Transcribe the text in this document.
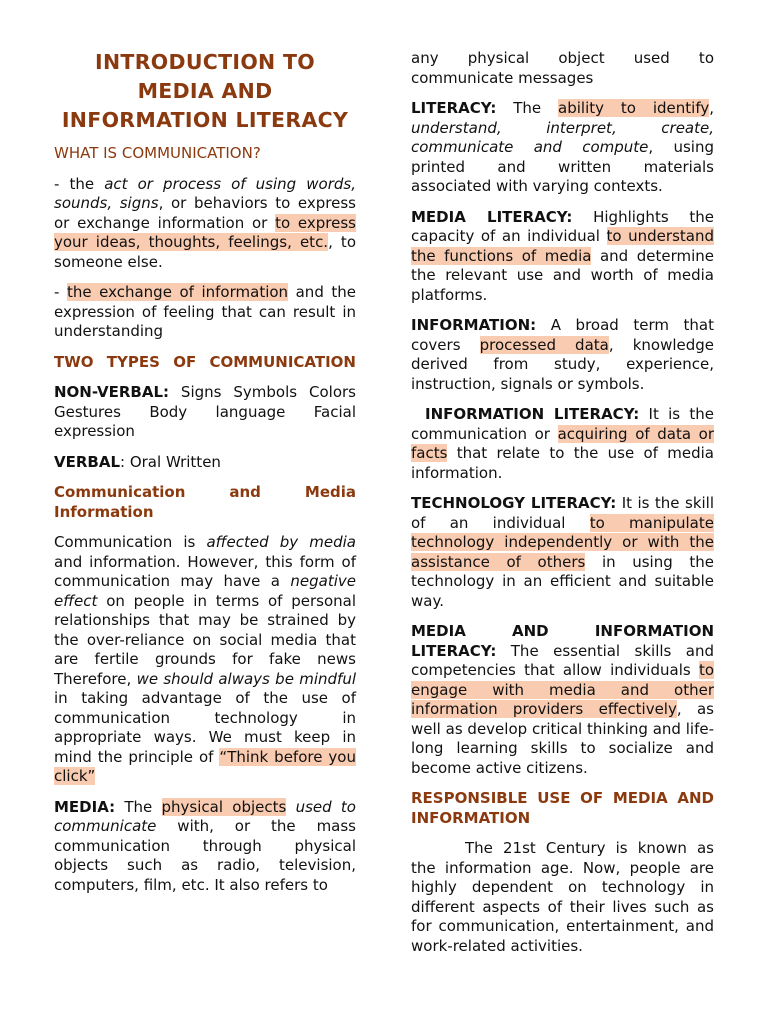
INTRODUCTION TO MEDIA AND INFORMATION LITERACY

WHAT IS COMMUNICATION?

- the act or process of using words, sounds, signs, or behaviors to express or exchange information or to express your ideas, thoughts, feelings, etc., to someone else.

- the exchange of information and the expression of feeling that can result in understanding

TWO TYPES OF COMMUNICATION

NON-VERBAL: Signs Symbols Colors Gestures Body language Facial expression

VERBAL: Oral Written

Communication and Media Information

Communication is affected by media and information. However, this form of communication may have a negative effect on people in terms of personal relationships that may be strained by the over-reliance on social media that are fertile grounds for fake news Therefore, we should always be mindful in taking advantage of the use of communication technology in appropriate ways. We must keep in mind the principle of “Think before you click”

MEDIA: The physical objects used to communicate with, or the mass communication through physical objects such as radio, television, computers, film, etc. It also refers to

any physical object used to communicate messages

LITERACY: The ability to identify, understand, interpret, create, communicate and compute, using printed and written materials associated with varying contexts.

MEDIA LITERACY: Highlights the capacity of an individual to understand the functions of media and determine the relevant use and worth of media platforms.

INFORMATION: A broad term that covers processed data, knowledge derived from study, experience, instruction, signals or symbols.

INFORMATION LITERACY: It is the communication or acquiring of data or facts that relate to the use of media information.

TECHNOLOGY LITERACY: It is the skill of an individual to manipulate technology independently or with the assistance of others in using the technology in an efficient and suitable way.

MEDIA AND INFORMATION LITERACY: The essential skills and competencies that allow individuals to engage with media and other information providers effectively, as well as develop critical thinking and life-long learning skills to socialize and become active citizens.

RESPONSIBLE USE OF MEDIA AND INFORMATION

The 21st Century is known as the information age. Now, people are highly dependent on technology in different aspects of their lives such as for communication, entertainment, and work-related activities.
